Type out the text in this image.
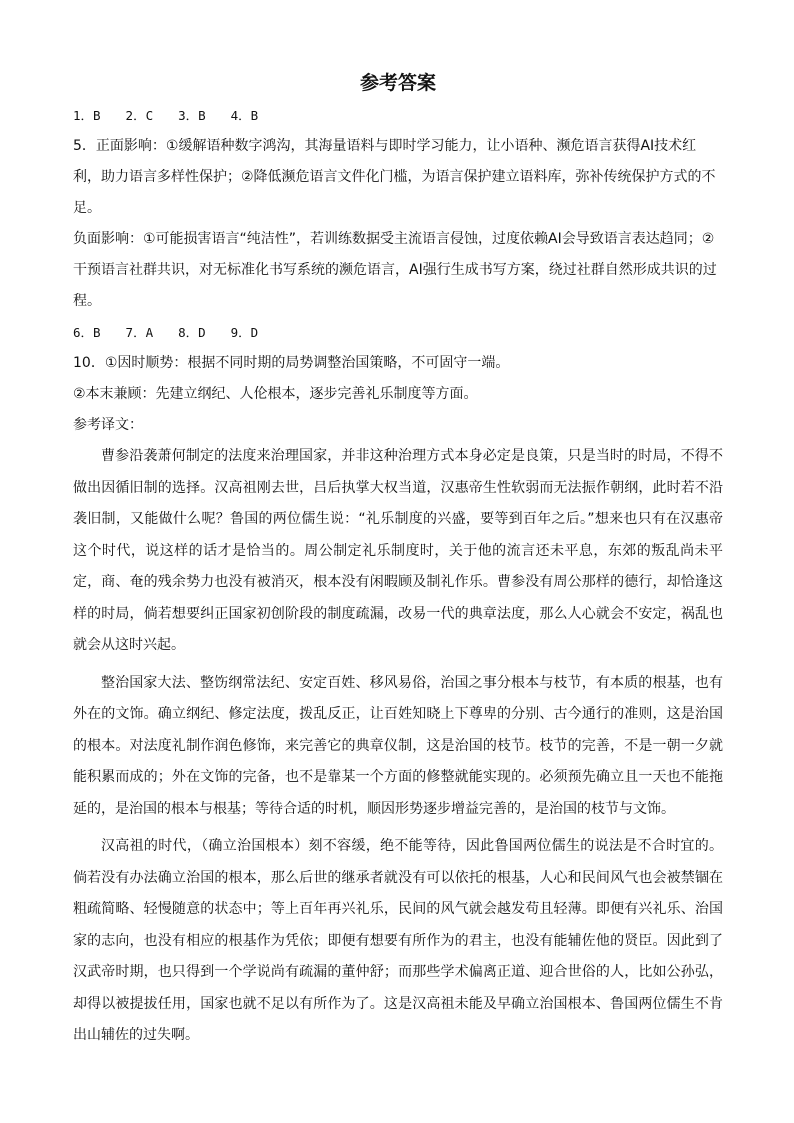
参考答案

1．B　　2．C　　3．B　　4．B

5．正面影响：①缓解语种数字鸿沟，其海量语料与即时学习能力，让小语种、濒危语言获得AI技术红利，助力语言多样性保护；②降低濒危语言文件化门槛，为语言保护建立语料库，弥补传统保护方式的不足。

负面影响：①可能损害语言“纯洁性”，若训练数据受主流语言侵蚀，过度依赖AI会导致语言表达趋同；②干预语言社群共识，对无标准化书写系统的濒危语言，AI强行生成书写方案，绕过社群自然形成共识的过程。

6．B　　7．A　　8．D　　9．D

10．①因时顺势：根据不同时期的局势调整治国策略，不可固守一端。

②本末兼顾：先建立纲纪、人伦根本，逐步完善礼乐制度等方面。

参考译文：

曹参沿袭萧何制定的法度来治理国家，并非这种治理方式本身必定是良策，只是当时的时局，不得不做出因循旧制的选择。汉高祖刚去世，吕后执掌大权当道，汉惠帝生性软弱而无法振作朝纲，此时若不沿袭旧制，又能做什么呢？鲁国的两位儒生说：“礼乐制度的兴盛，要等到百年之后。”想来也只有在汉惠帝这个时代，说这样的话才是恰当的。周公制定礼乐制度时，关于他的流言还未平息，东郊的叛乱尚未平定，商、奄的残余势力也没有被消灭，根本没有闲暇顾及制礼作乐。曹参没有周公那样的德行，却恰逢这样的时局，倘若想要纠正国家初创阶段的制度疏漏，改易一代的典章法度，那么人心就会不安定，祸乱也就会从这时兴起。

整治国家大法、整饬纲常法纪、安定百姓、移风易俗，治国之事分根本与枝节，有本质的根基，也有外在的文饰。确立纲纪、修定法度，拨乱反正，让百姓知晓上下尊卑的分别、古今通行的准则，这是治国的根本。对法度礼制作润色修饰，来完善它的典章仪制，这是治国的枝节。枝节的完善，不是一朝一夕就能积累而成的；外在文饰的完备，也不是靠某一个方面的修整就能实现的。必须预先确立且一天也不能拖延的，是治国的根本与根基；等待合适的时机，顺因形势逐步增益完善的，是治国的枝节与文饰。

汉高祖的时代，（确立治国根本）刻不容缓，绝不能等待，因此鲁国两位儒生的说法是不合时宜的。倘若没有办法确立治国的根本，那么后世的继承者就没有可以依托的根基，人心和民间风气也会被禁锢在粗疏简略、轻慢随意的状态中；等上百年再兴礼乐，民间的风气就会越发苟且轻薄。即便有兴礼乐、治国家的志向，也没有相应的根基作为凭依；即便有想要有所作为的君主，也没有能辅佐他的贤臣。因此到了汉武帝时期，也只得到一个学说尚有疏漏的董仲舒；而那些学术偏离正道、迎合世俗的人，比如公孙弘，却得以被提拔任用，国家也就不足以有所作为了。这是汉高祖未能及早确立治国根本、鲁国两位儒生不肯出山辅佐的过失啊。
